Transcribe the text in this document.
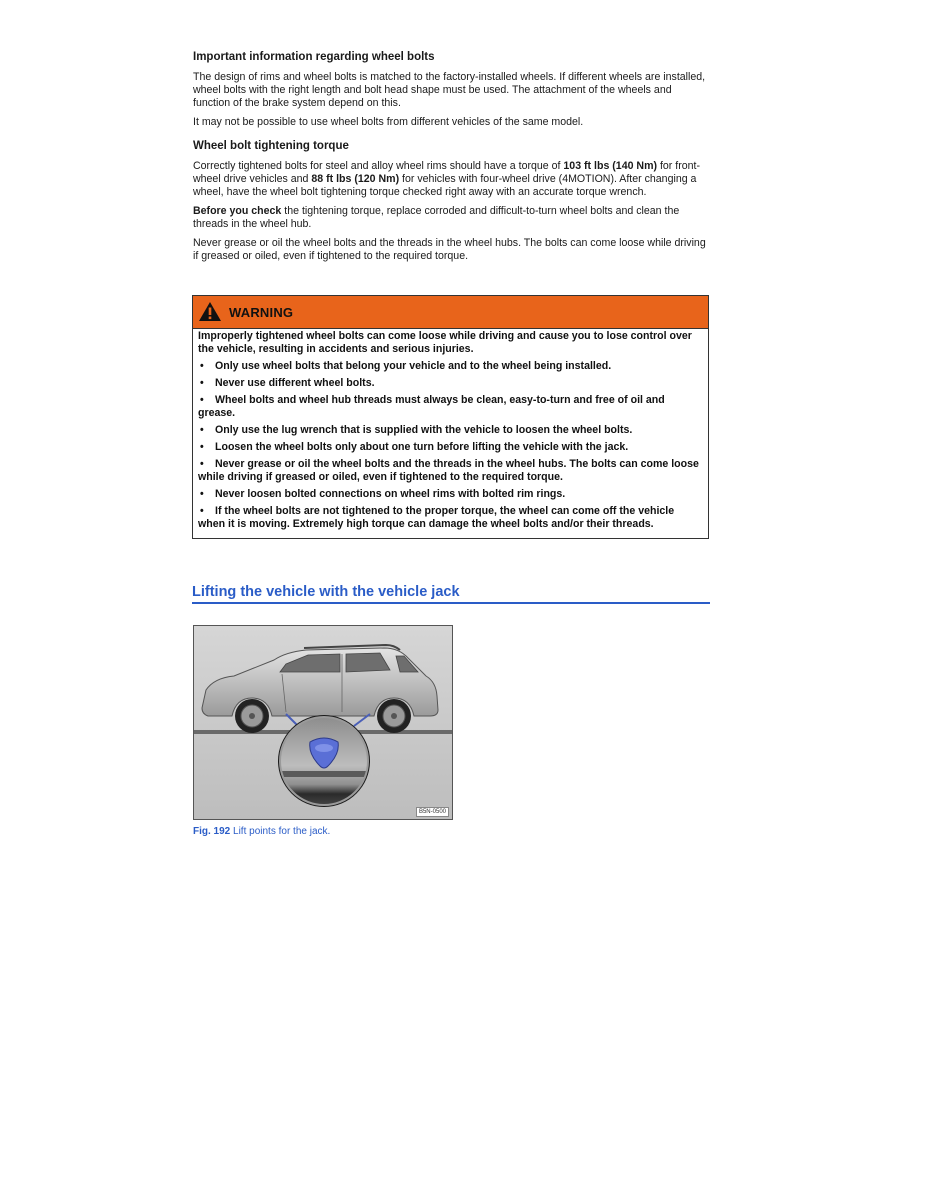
Important information regarding wheel bolts

The design of rims and wheel bolts is matched to the factory-installed wheels. If different wheels are installed, wheel bolts with the right length and bolt head shape must be used. The attachment of the wheels and function of the brake system depend on this.

It may not be possible to use wheel bolts from different vehicles of the same model.

Wheel bolt tightening torque

Correctly tightened bolts for steel and alloy wheel rims should have a torque of 103 ft lbs (140 Nm) for front-wheel drive vehicles and 88 ft lbs (120 Nm) for vehicles with four-wheel drive (4MOTION). After changing a wheel, have the wheel bolt tightening torque checked right away with an accurate torque wrench.

Before you check the tightening torque, replace corroded and difficult-to-turn wheel bolts and clean the threads in the wheel hub.

Never grease or oil the wheel bolts and the threads in the wheel hubs. The bolts can come loose while driving if greased or oiled, even if tightened to the required torque.

WARNING

Improperly tightened wheel bolts can come loose while driving and cause you to lose control over the vehicle, resulting in accidents and serious injuries.

• Only use wheel bolts that belong your vehicle and to the wheel being installed.

• Never use different wheel bolts.

• Wheel bolts and wheel hub threads must always be clean, easy-to-turn and free of oil and grease.

• Only use the lug wrench that is supplied with the vehicle to loosen the wheel bolts.

• Loosen the wheel bolts only about one turn before lifting the vehicle with the jack.

• Never grease or oil the wheel bolts and the threads in the wheel hubs. The bolts can come loose while driving if greased or oiled, even if tightened to the required torque.

• Never loosen bolted connections on wheel rims with bolted rim rings.

• If the wheel bolts are not tightened to the proper torque, the wheel can come off the vehicle when it is moving. Extremely high torque can damage the wheel bolts and/or their threads.

Lifting the vehicle with the vehicle jack
B5N-0500
Fig. 192 Lift points for the jack.
